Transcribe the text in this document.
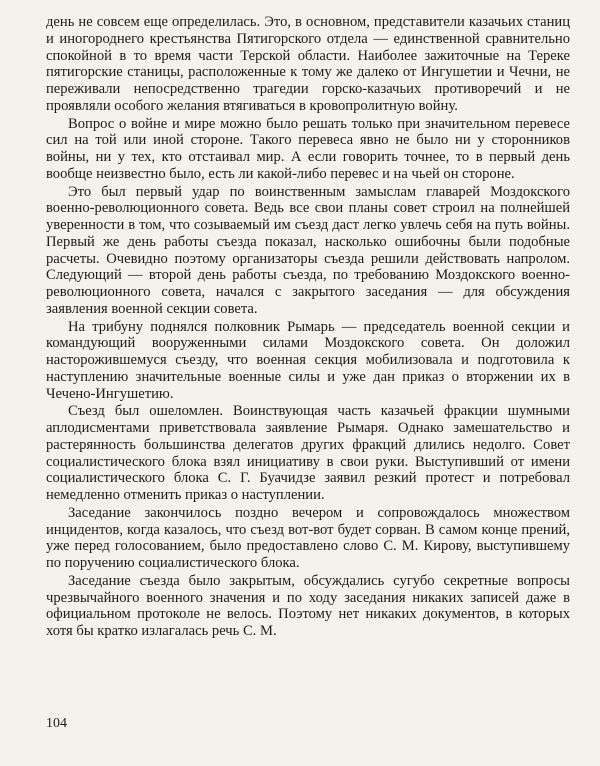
день не совсем еще определилась. Это, в основном, представители казачьих станиц и иногороднего крестьянства Пятигорского отдела — единственной сравнительно спокойной в то время части Терской области. Наиболее зажиточные на Тереке пятигорские станицы, расположенные к тому же далеко от Ингушетии и Чечни, не переживали непосредственно трагедии горско-казачьих противоречий и не проявляли особого желания втягиваться в кровопролитную войну.

Вопрос о войне и мире можно было решать только при значительном перевесе сил на той или иной стороне. Такого перевеса явно не было ни у сторонников войны, ни у тех, кто отстаивал мир. А если говорить точнее, то в первый день вообще неизвестно было, есть ли какой-либо перевес и на чьей он стороне.

Это был первый удар по воинственным замыслам главарей Моздокского военно-революционного совета. Ведь все свои планы совет строил на полнейшей уверенности в том, что созываемый им съезд даст легко увлечь себя на путь войны. Первый же день работы съезда показал, насколько ошибочны были подобные расчеты. Очевидно поэтому организаторы съезда решили действовать напролом. Следующий — второй день работы съезда, по требованию Моздокского военно-революционного совета, начался с закрытого заседания — для обсуждения заявления военной секции совета.

На трибуну поднялся полковник Рымарь — председатель военной секции и командующий вооруженными силами Моздокского совета. Он доложил насторожившемуся съезду, что военная секция мобилизовала и подготовила к наступлению значительные военные силы и уже дан приказ о вторжении их в Чечено-Ингушетию.

Съезд был ошеломлен. Воинствующая часть казачьей фракции шумными аплодисментами приветствовала заявление Рымаря. Однако замешательство и растерянность большинства делегатов других фракций длились недолго. Совет социалистического блока взял инициативу в свои руки. Выступивший от имени социалистического блока С. Г. Буачидзе заявил резкий протест и потребовал немедленно отменить приказ о наступлении.

Заседание закончилось поздно вечером и сопровождалось множеством инцидентов, когда казалось, что съезд вот-вот будет сорван. В самом конце прений, уже перед голосованием, было предоставлено слово С. М. Кирову, выступившему по поручению социалистического блока.

Заседание съезда было закрытым, обсуждались сугубо секретные вопросы чрезвычайного военного значения и по ходу заседания никаких записей даже в официальном протоколе не велось. Поэтому нет никаких документов, в которых хотя бы кратко излагалась речь С. М.

104
